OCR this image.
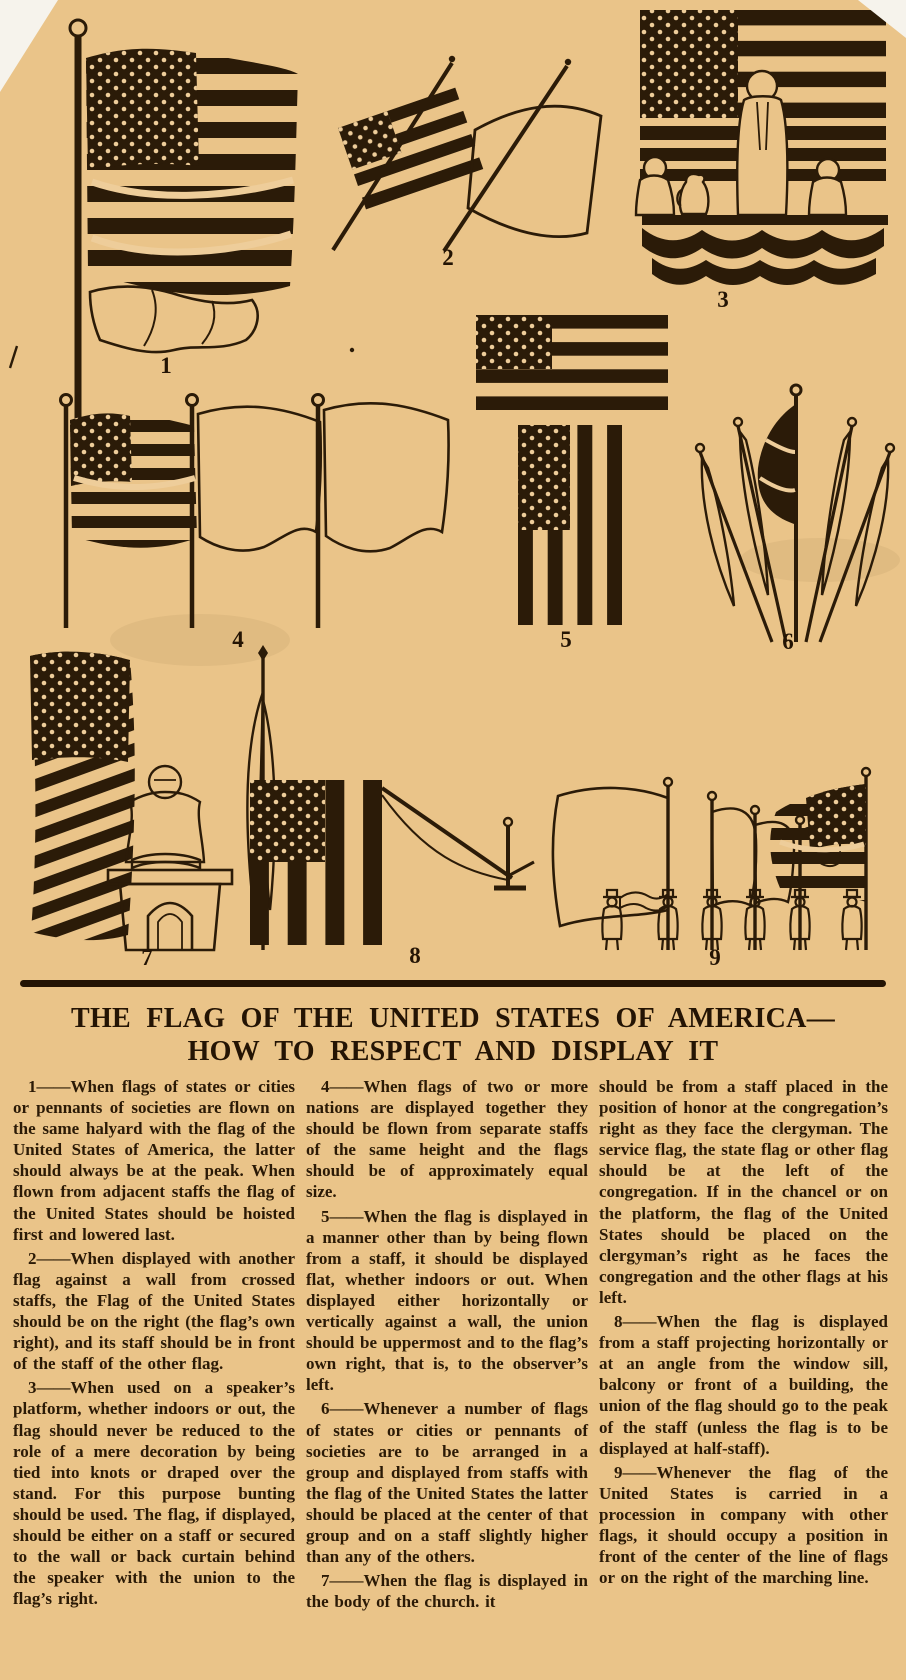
1
2
3
4	5	6
7	8	9
THE FLAG OF THE UNITED STATES OF AMERICA—
HOW TO RESPECT AND DISPLAY IT

1——When flags of states or cities or pennants of societies are flown on the same halyard with the flag of the United States of America, the latter should always be at the peak. When flown from adjacent staffs the flag of the United States should be hoisted first and lowered last.

2——When displayed with another flag against a wall from crossed staffs, the Flag of the United States should be on the right (the flag’s own right), and its staff should be in front of the staff of the other flag.

3——When used on a speaker’s platform, whether indoors or out, the flag should never be reduced to the role of a mere decoration by being tied into knots or draped over the stand. For this purpose bunting should be used. The flag, if displayed, should be either on a staff or secured to the wall or back curtain behind the speaker with the union to the flag’s right.

4——When flags of two or more nations are displayed together they should be flown from separate staffs of the same height and the flags should be of approximately equal size.

5——When the flag is displayed in a manner other than by being flown from a staff, it should be displayed flat, whether indoors or out. When displayed either horizontally or vertically against a wall, the union should be uppermost and to the flag’s own right, that is, to the observer’s left.

6——Whenever a number of flags of states or cities or pennants of societies are to be arranged in a group and displayed from staffs with the flag of the United States the latter should be placed at the center of that group and on a staff slightly higher than any of the others.

7——When the flag is displayed in the body of the church. it

should be from a staff placed in the position of honor at the congregation’s right as they face the clergyman. The service flag, the state flag or other flag should be at the left of the congregation. If in the chancel or on the platform, the flag of the United States should be placed on the clergyman’s right as he faces the congregation and the other flags at his left.

8——When the flag is displayed from a staff projecting horizontally or at an angle from the window sill, balcony or front of a building, the union of the flag should go to the peak of the staff (unless the flag is to be displayed at half-staff).

9——Whenever the flag of the United States is carried in a procession in company with other flags, it should occupy a position in front of the center of the line of flags or on the right of the marching line.
